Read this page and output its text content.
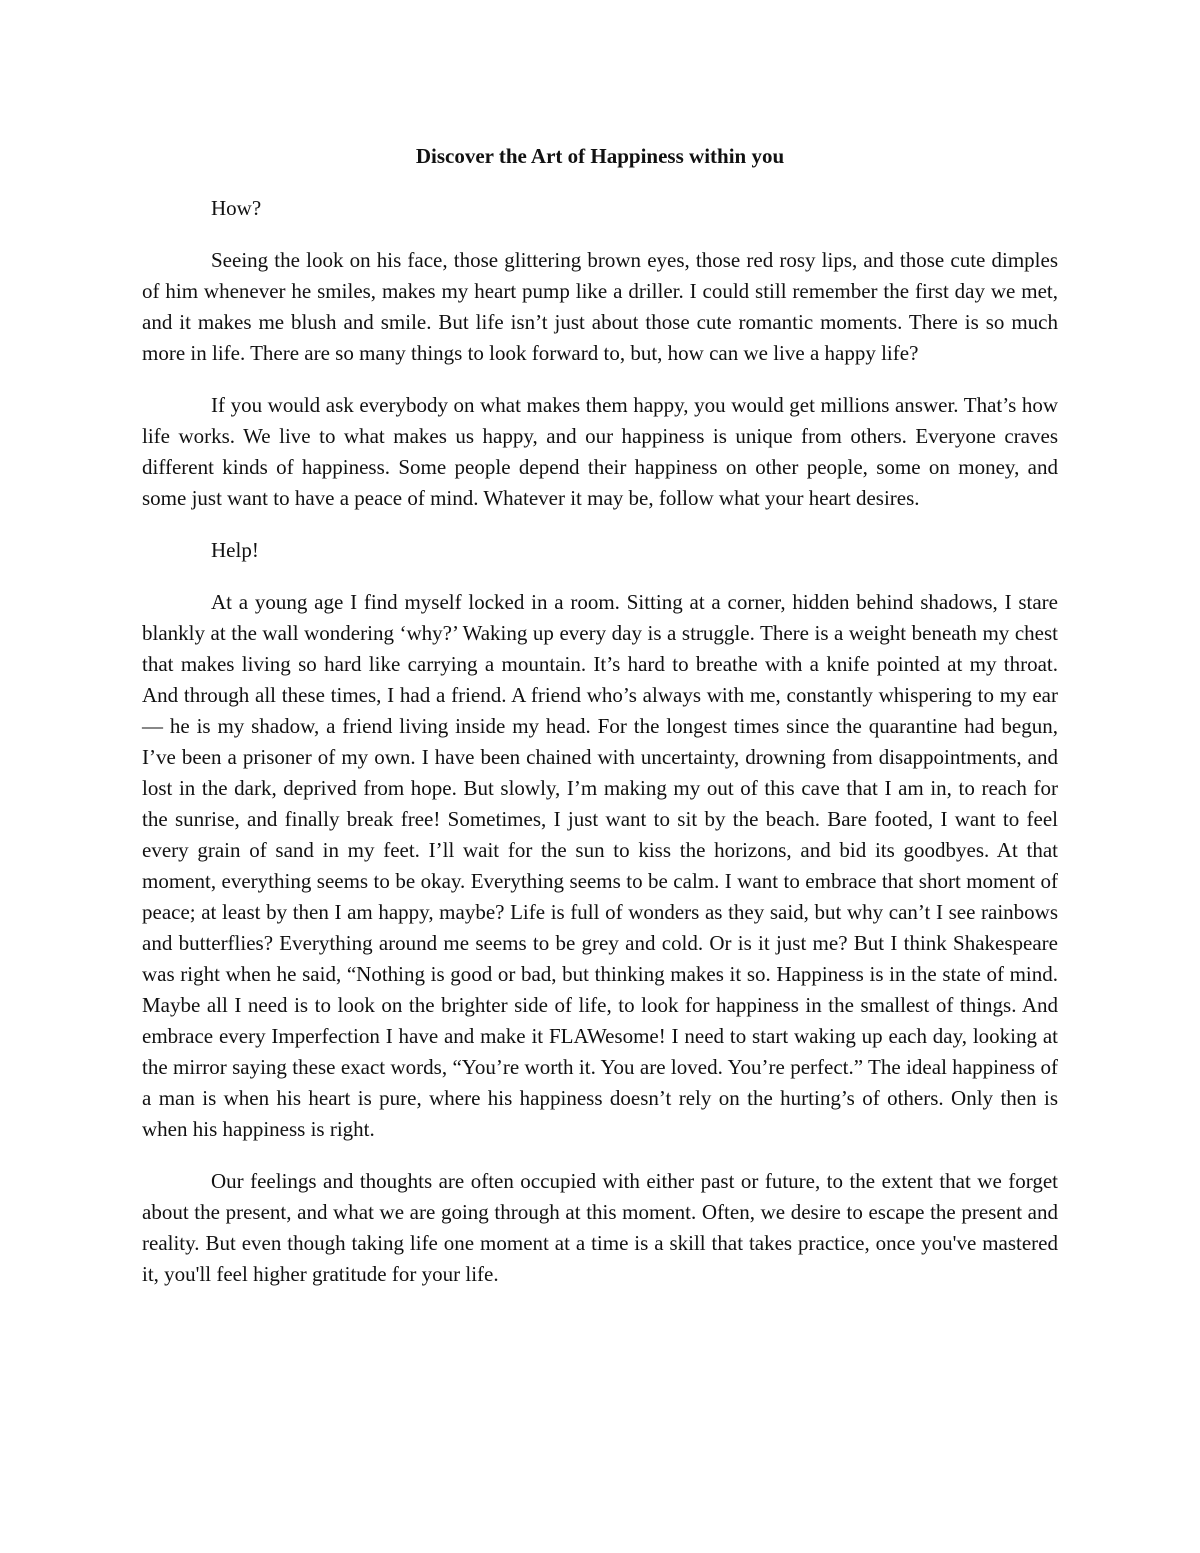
Discover the Art of Happiness within you

How?

Seeing the look on his face, those glittering brown eyes, those red rosy lips, and those cute dimples of him whenever he smiles, makes my heart pump like a driller. I could still remember the first day we met, and it makes me blush and smile. But life isn’t just about those cute romantic moments. There is so much more in life. There are so many things to look forward to, but, how can we live a happy life?

If you would ask everybody on what makes them happy, you would get millions answer. That’s how life works. We live to what makes us happy, and our happiness is unique from others. Everyone craves different kinds of happiness. Some people depend their happiness on other people, some on money, and some just want to have a peace of mind. Whatever it may be, follow what your heart desires.

Help!

At a young age I find myself locked in a room. Sitting at a corner, hidden behind shadows, I stare blankly at the wall wondering ‘why?’ Waking up every day is a struggle. There is a weight beneath my chest that makes living so hard like carrying a mountain. It’s hard to breathe with a knife pointed at my throat. And through all these times, I had a friend. A friend who’s always with me, constantly whispering to my ear — he is my shadow, a friend living inside my head. For the longest times since the quarantine had begun, I’ve been a prisoner of my own. I have been chained with uncertainty, drowning from disappointments, and lost in the dark, deprived from hope. But slowly, I’m making my out of this cave that I am in, to reach for the sunrise, and finally break free! Sometimes, I just want to sit by the beach. Bare footed, I want to feel every grain of sand in my feet. I’ll wait for the sun to kiss the horizons, and bid its goodbyes. At that moment, everything seems to be okay. Everything seems to be calm. I want to embrace that short moment of peace; at least by then I am happy, maybe? Life is full of wonders as they said, but why can’t I see rainbows and butterflies? Everything around me seems to be grey and cold. Or is it just me? But I think Shakespeare was right when he said, “Nothing is good or bad, but thinking makes it so. Happiness is in the state of mind. Maybe all I need is to look on the brighter side of life, to look for happiness in the smallest of things. And embrace every Imperfection I have and make it FLAWesome! I need to start waking up each day, looking at the mirror saying these exact words, “You’re worth it. You are loved. You’re perfect.” The ideal happiness of a man is when his heart is pure, where his happiness doesn’t rely on the hurting’s of others. Only then is when his happiness is right.

Our feelings and thoughts are often occupied with either past or future, to the extent that we forget about the present, and what we are going through at this moment. Often, we desire to escape the present and reality. But even though taking life one moment at a time is a skill that takes practice, once you've mastered it, you'll feel higher gratitude for your life.
